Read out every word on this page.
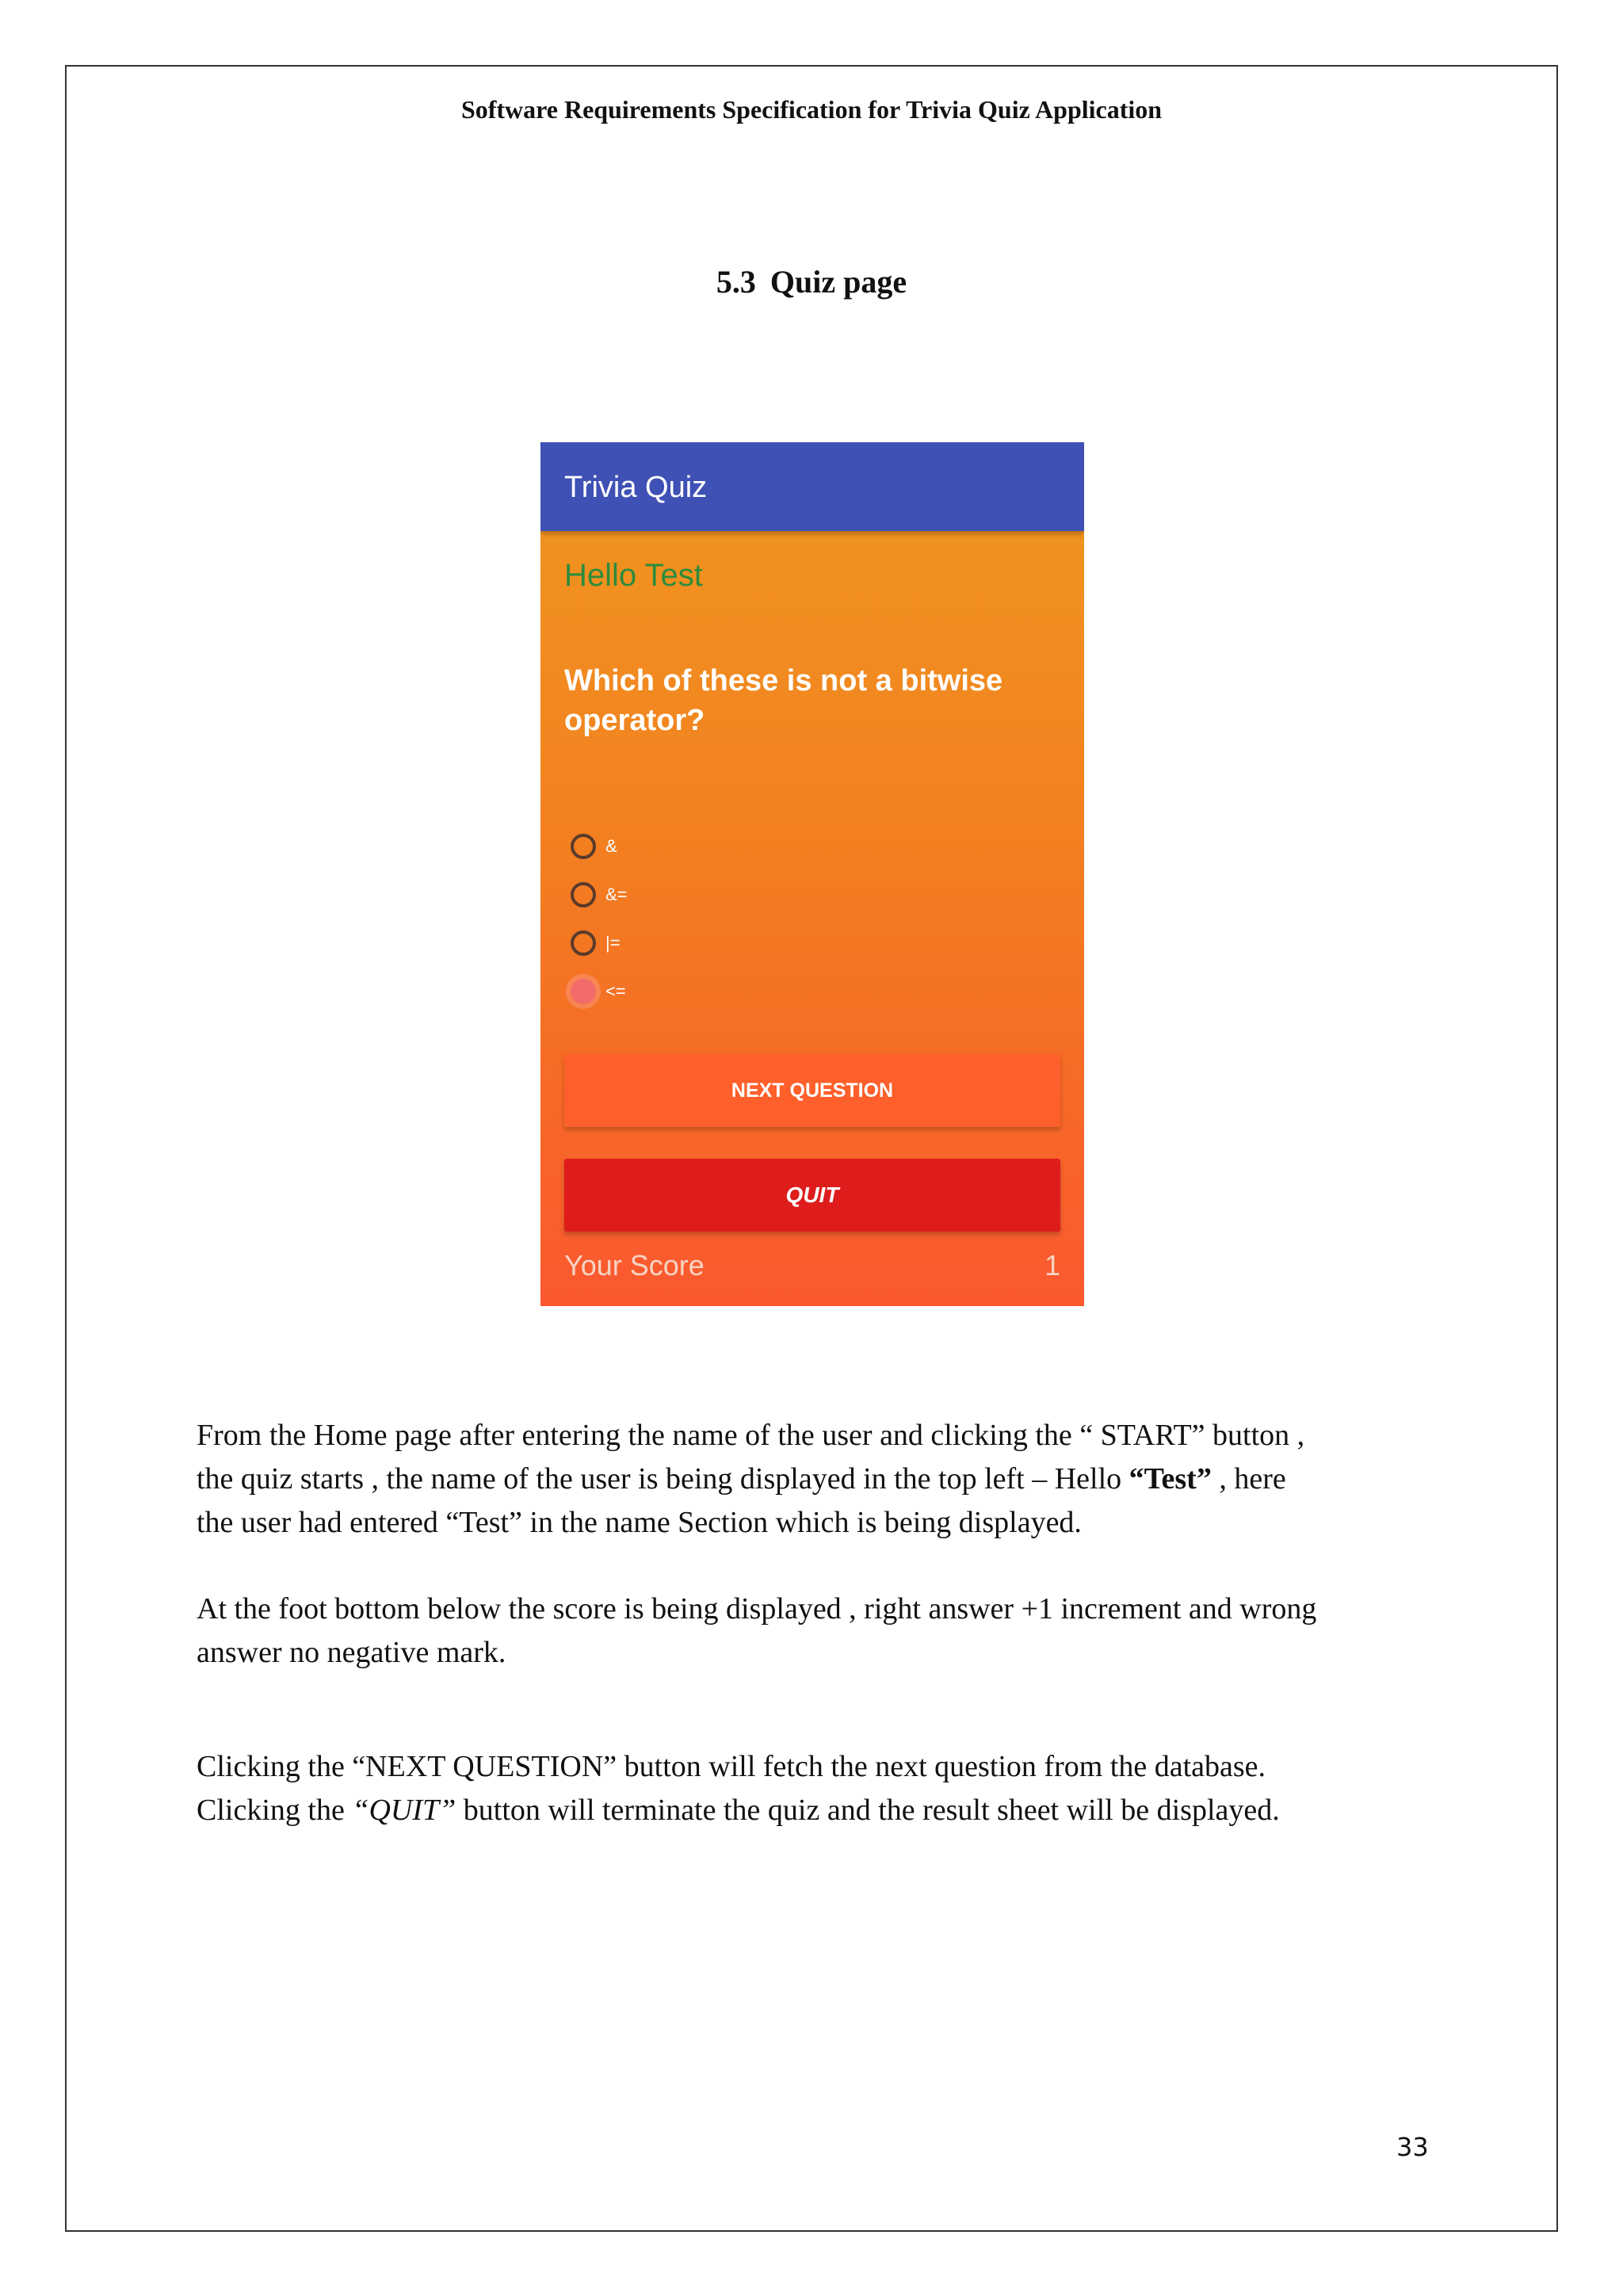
Software Requirements Specification for Trivia Quiz Application
5.3 Quiz page
Trivia Quiz
Hello Test
Which of these is not a bitwise operator?
&
&=
|=
<=
NEXT QUESTION
QUIT
Your Score	1
From the Home page after entering the name of the user and clicking the “ START” button ,
the quiz starts , the name of the user is being displayed in the top left – Hello “Test” , here
the user had entered “Test” in the name Section which is being displayed.
At the foot bottom below the score is being displayed , right answer +1 increment and wrong
answer no negative mark.
Clicking the “NEXT QUESTION” button will fetch the next question from the database.
Clicking the “QUIT” button will terminate the quiz and the result sheet will be displayed.
33
